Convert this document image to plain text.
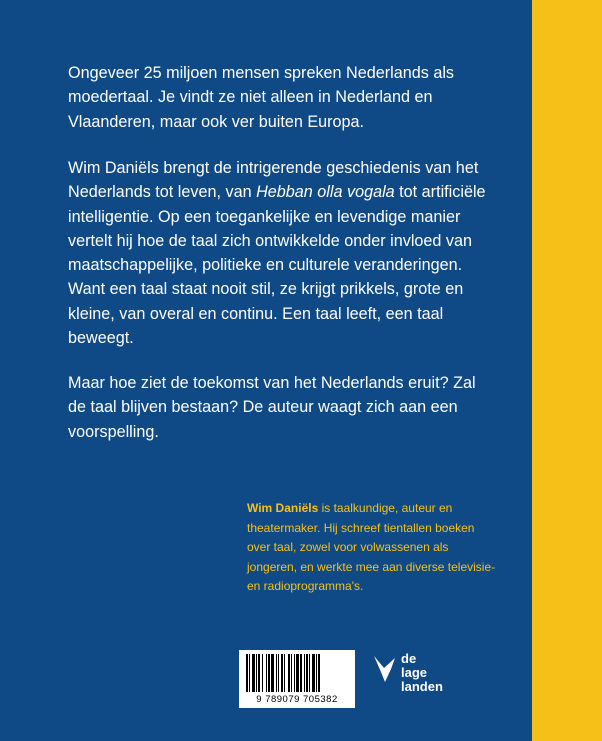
Ongeveer 25 miljoen mensen spreken Nederlands als moedertaal. Je vindt ze niet alleen in Nederland en Vlaanderen, maar ook ver buiten Europa.

Wim Daniëls brengt de intrigerende geschiedenis van het Nederlands tot leven, van Hebban olla vogala tot artificiële intelligentie. Op een toegankelijke en levendige manier vertelt hij hoe de taal zich ontwikkelde onder invloed van maatschappelijke, politieke en culturele veranderingen. Want een taal staat nooit stil, ze krijgt prikkels, grote en kleine, van overal en continu. Een taal leeft, een taal beweegt.

Maar hoe ziet de toekomst van het Nederlands eruit? Zal de taal blijven bestaan? De auteur waagt zich aan een voorspelling.

Wim Daniëls is taalkundige, auteur en theatermaker. Hij schreef tientallen boeken over taal, zowel voor volwassenen als jongeren, en werkte mee aan diverse televisie- en radioprogramma's.

9 789079 705382
de
lage
landen
